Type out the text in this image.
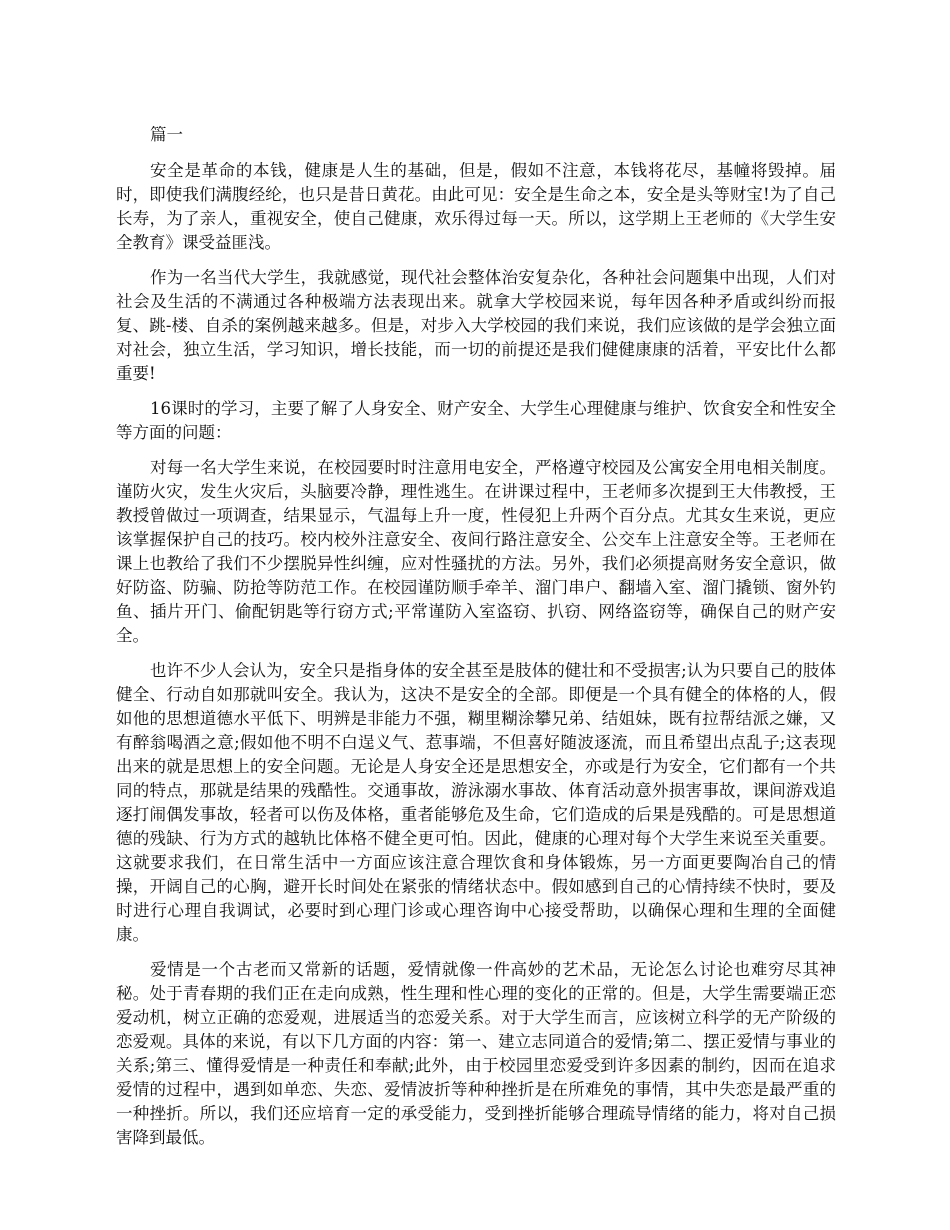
篇一

安全是革命的本钱，健康是人生的基础，但是，假如不注意，本钱将花尽，基幢将毁掉。届时，即使我们满腹经纶，也只是昔日黄花。由此可见：安全是生命之本，安全是头等财宝!为了自己长寿，为了亲人，重视安全，使自己健康，欢乐得过每一天。所以，这学期上王老师的《大学生安全教育》课受益匪浅。

作为一名当代大学生，我就感觉，现代社会整体治安复杂化，各种社会问题集中出现，人们对社会及生活的不满通过各种极端方法表现出来。就拿大学校园来说，每年因各种矛盾或纠纷而报复、跳-楼、自杀的案例越来越多。但是，对步入大学校园的我们来说，我们应该做的是学会独立面对社会，独立生活，学习知识，增长技能，而一切的前提还是我们健健康康的活着，平安比什么都重要!

16课时的学习，主要了解了人身安全、财产安全、大学生心理健康与维护、饮食安全和性安全等方面的问题：

对每一名大学生来说，在校园要时时注意用电安全，严格遵守校园及公寓安全用电相关制度。谨防火灾，发生火灾后，头脑要冷静，理性逃生。在讲课过程中，王老师多次提到王大伟教授，王教授曾做过一项调查，结果显示，气温每上升一度，性侵犯上升两个百分点。尤其女生来说，更应该掌握保护自己的技巧。校内校外注意安全、夜间行路注意安全、公交车上注意安全等。王老师在课上也教给了我们不少摆脱异性纠缠，应对性骚扰的方法。另外，我们必须提高财务安全意识，做好防盗、防骗、防抢等防范工作。在校园谨防顺手牵羊、溜门串户、翻墙入室、溜门撬锁、窗外钓鱼、插片开门、偷配钥匙等行窃方式;平常谨防入室盗窃、扒窃、网络盗窃等，确保自己的财产安全。

也许不少人会认为，安全只是指身体的安全甚至是肢体的健壮和不受损害;认为只要自己的肢体健全、行动自如那就叫安全。我认为，这决不是安全的全部。即便是一个具有健全的体格的人，假如他的思想道德水平低下、明辨是非能力不强，糊里糊涂攀兄弟、结姐妹，既有拉帮结派之嫌，又有醉翁喝酒之意;假如他不明不白逞义气、惹事端，不但喜好随波逐流，而且希望出点乱子;这表现出来的就是思想上的安全问题。无论是人身安全还是思想安全，亦或是行为安全，它们都有一个共同的特点，那就是结果的残酷性。交通事故，游泳溺水事故、体育活动意外损害事故，课间游戏追逐打闹偶发事故，轻者可以伤及体格，重者能够危及生命，它们造成的后果是残酷的。可是思想道德的残缺、行为方式的越轨比体格不健全更可怕。因此，健康的心理对每个大学生来说至关重要。这就要求我们，在日常生活中一方面应该注意合理饮食和身体锻炼，另一方面更要陶冶自己的情操，开阔自己的心胸，避开长时间处在紧张的情绪状态中。假如感到自己的心情持续不快时，要及时进行心理自我调试，必要时到心理门诊或心理咨询中心接受帮助，以确保心理和生理的全面健康。

爱情是一个古老而又常新的话题，爱情就像一件高妙的艺术品，无论怎么讨论也难穷尽其神秘。处于青春期的我们正在走向成熟，性生理和性心理的变化的正常的。但是，大学生需要端正恋爱动机，树立正确的恋爱观，进展适当的恋爱关系。对于大学生而言，应该树立科学的无产阶级的恋爱观。具体的来说，有以下几方面的内容：第一、建立志同道合的爱情;第二、摆正爱情与事业的关系;第三、懂得爱情是一种责任和奉献;此外，由于校园里恋爱受到许多因素的制约，因而在追求爱情的过程中，遇到如单恋、失恋、爱情波折等种种挫折是在所难免的事情，其中失恋是最严重的一种挫折。所以，我们还应培育一定的承受能力，受到挫折能够合理疏导情绪的能力，将对自己损害降到最低。
